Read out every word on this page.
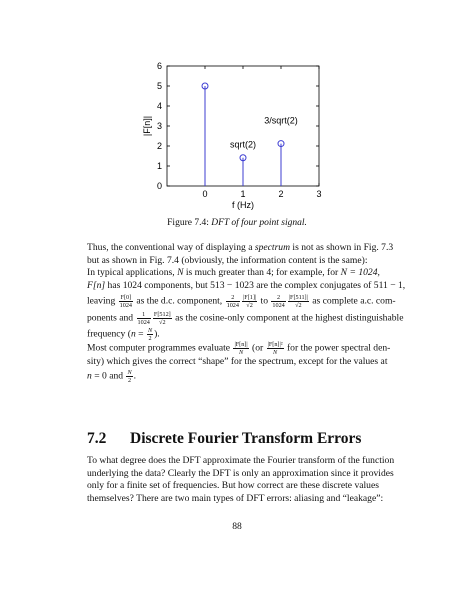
0
1
2
3
4
5
6
0	1	2	3
f (Hz)
|F[n]|
sqrt(2)
3/sqrt(2)
Figure 7.4: DFT of four point signal.
Thus, the conventional way of displaying a spectrum is not as shown in Fig. 7.3
but as shown in Fig. 7.4 (obviously, the information content is the same):
In typical applications, N is much greater than 4; for example, for N = 1024,
F[n] has 1024 components, but 513 − 1023 are the complex conjugates of 511 − 1,
leaving $\frac{F[0]}{1024}$ as the d.c. component, $\frac{2}{1024} \frac{|F[1]|}{√2}$ to $\frac{2}{1024} \frac{|F[511]|}{√2}$ as complete a.c. com-
ponents and $\frac{1}{1024} \frac{F[512]}{√2}$ as the cosine-only component at the highest distinguishable
frequency ($n = \frac{N}{2}$ ).
Most computer programmes evaluate $\frac{|F[n]|}{N} (or \frac{\text{|F[n]|²}}{N}$ for the power spectral den-
sity) which gives the correct “shape” for the spectrum, except for the values at
n = 0 and $\frac{N}{2}$ .
7.2 Discrete Fourier Transform Errors
To what degree does the DFT approximate the Fourier transform of the function
underlying the data? Clearly the DFT is only an approximation since it provides
only for a finite set of frequencies. But how correct are these discrete values
themselves? There are two main types of DFT errors: aliasing and “leakage”:
88
